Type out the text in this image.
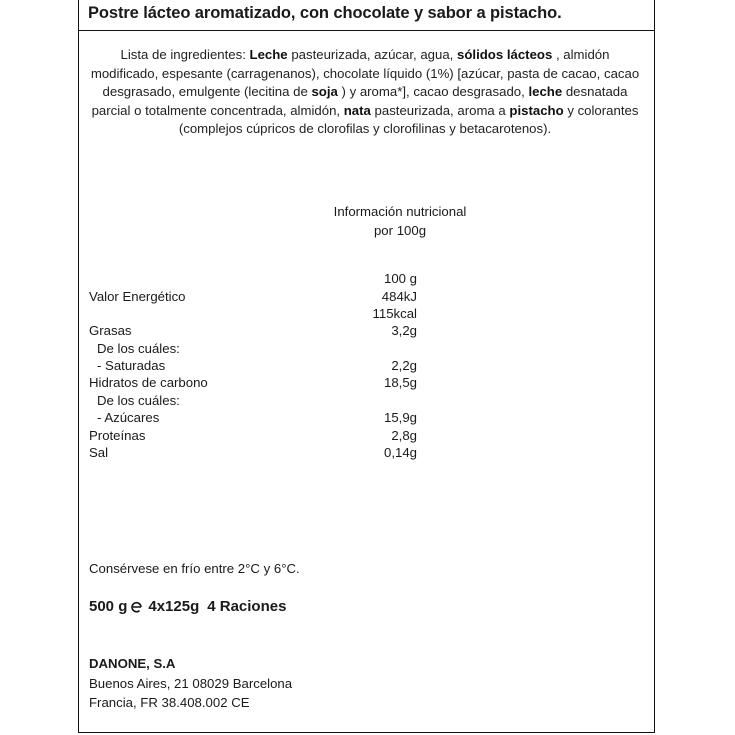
Postre lácteo aromatizado, con chocolate y sabor a pistacho.
Lista de ingredientes: Leche pasteurizada, azúcar, agua, sólidos lácteos , almidón modificado, espesante (carragenanos), chocolate líquido (1%) [azúcar, pasta de cacao, cacao desgrasado, emulgente (lecitina de soja ) y aroma*], cacao desgrasado, leche desnatada parcial o totalmente concentrada, almidón, nata pasteurizada, aroma a pistacho y colorantes (complejos cúpricos de clorofilas y clorofilinas y betacarotenos).
Información nutricional
por 100g
100 g
Valor Energético	484kJ
115kcal
Grasas	3,2g
De los cuáles:
- Saturadas	2,2g
Hidratos de carbono	18,5g
De los cuáles:
- Azúcares	15,9g
Proteínas	2,8g
Sal	0,14g
Consérvese en frío entre 2°C y 6°C.
500 g 4x125g 4 Raciones
DANONE, S.A
Buenos Aires, 21 08029 Barcelona
Francia, FR 38.408.002 CE
